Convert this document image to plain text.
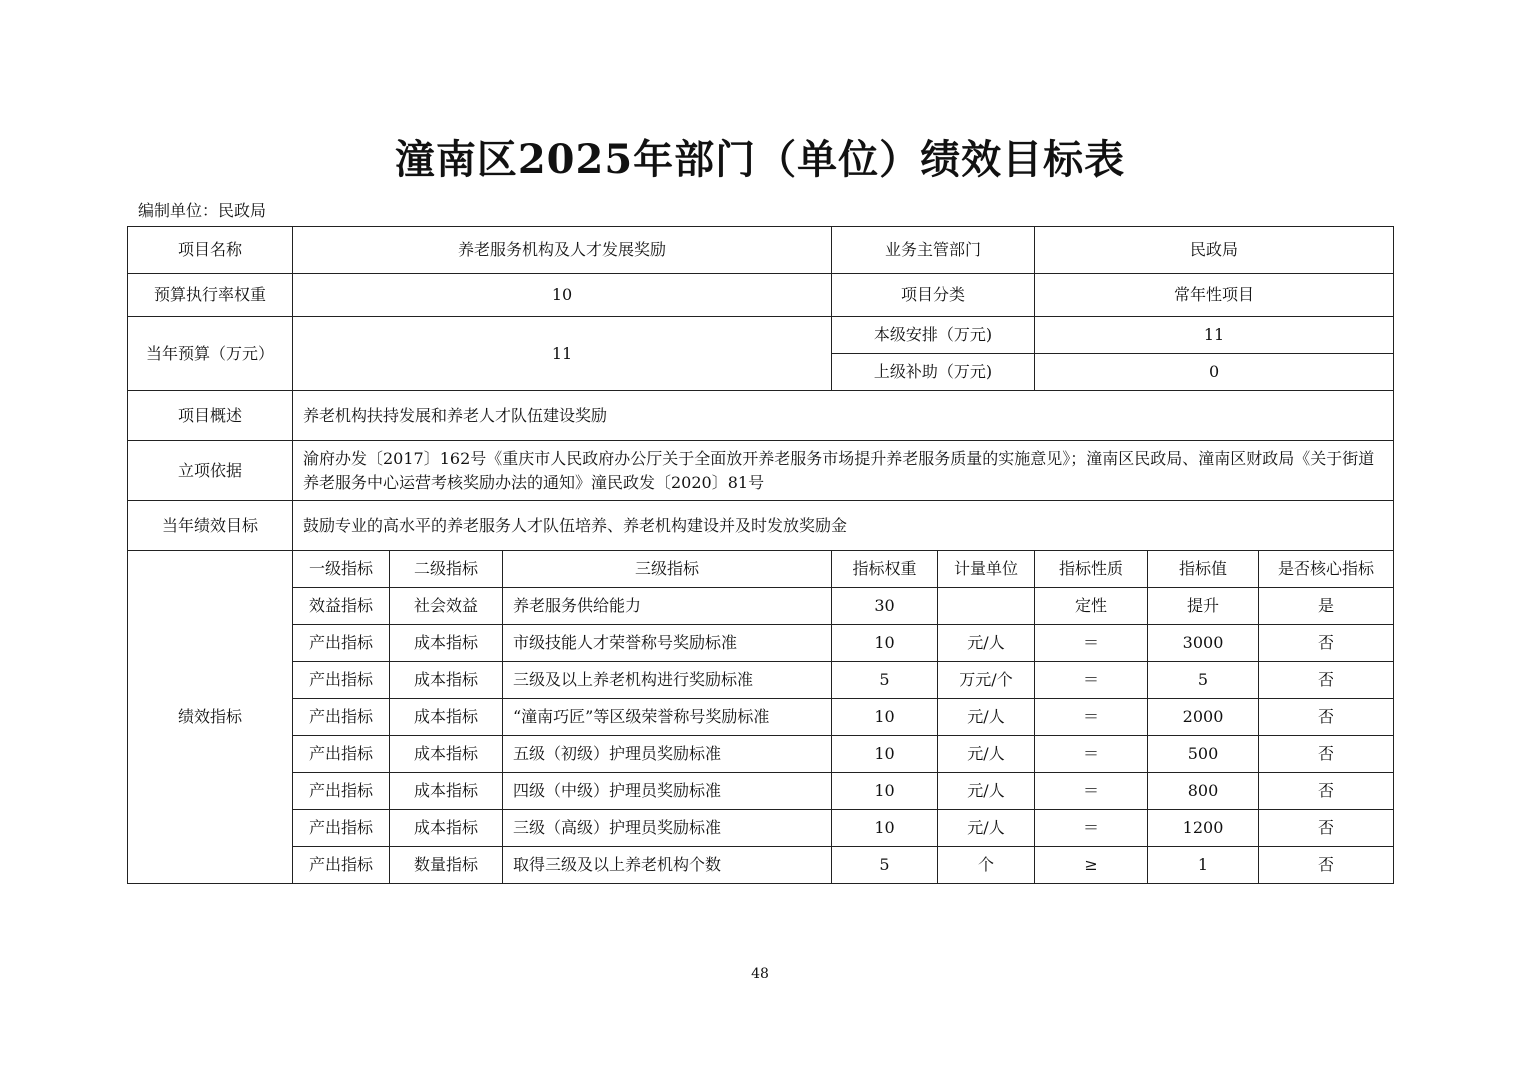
潼南区2025年部门（单位）绩效目标表
编制单位：民政局
项目名称	养老服务机构及人才发展奖励			业务主管部门		民政局		
预算执行率权重	10			项目分类		常年性项目		
当年预算（万元）	11			本级安排（万元)		11		
				上级补助（万元)		0		
项目概述	养老机构扶持发展和养老人才队伍建设奖励							
立项依据	渝府办发〔2017〕162号《重庆市人民政府办公厅关于全面放开养老服务市场提升养老服务质量的实施意见》；潼南区民政局、潼南区财政局《关于街道养老服务中心运营考核奖励办法的通知》潼民政发〔2020〕81号							
当年绩效目标	鼓励专业的高水平的养老服务人才队伍培养、养老机构建设并及时发放奖励金							
绩效指标	一级指标	二级指标	三级指标	指标权重	计量单位	指标性质	指标值	是否核心指标
	效益指标	社会效益	养老服务供给能力	30		定性	提升	是
	产出指标	成本指标	市级技能人才荣誉称号奖励标准	10	元/人	＝	3000	否
	产出指标	成本指标	三级及以上养老机构进行奖励标准	5	万元/个	＝	5	否
	产出指标	成本指标	“潼南巧匠”等区级荣誉称号奖励标准	10	元/人	＝	2000	否
	产出指标	成本指标	五级（初级）护理员奖励标准	10	元/人	＝	500	否
	产出指标	成本指标	四级（中级）护理员奖励标准	10	元/人	＝	800	否
	产出指标	成本指标	三级（高级）护理员奖励标准	10	元/人	＝	1200	否
	产出指标	数量指标	取得三级及以上养老机构个数	5	个	≥	1	否
48
